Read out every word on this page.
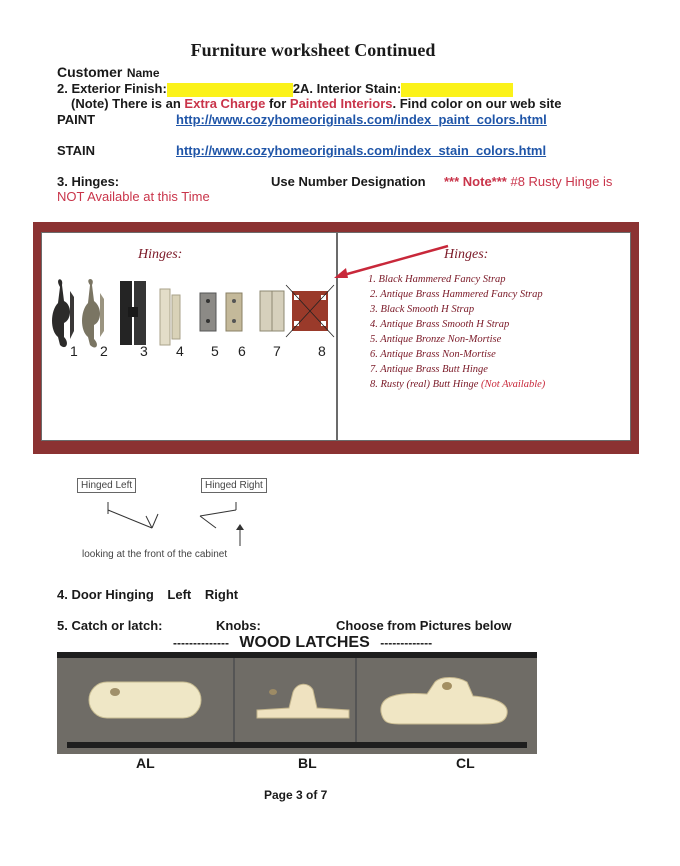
Furniture worksheet Continued
Customer Name
2. Exterior Finish:	2A. Interior Stain:
(Note) There is an Extra Charge for Painted Interiors. Find color on our web site
PAINT	http://www.cozyhomeoriginals.com/index_paint_colors.html
STAIN	http://www.cozyhomeoriginals.com/index_stain_colors.html
3. Hinges:	Use Number Designation *** Note*** #8 Rusty Hinge is
NOT Available at this Time
Hinges:
1 2 3 4 5 6 7	8
Hinges:
1. Black Hammered Fancy Strap
2. Antique Brass Hammered Fancy Strap
3. Black Smooth H Strap
4. Antique Brass Smooth H Strap
5. Antique Bronze Non-Mortise
6. Antique Brass Non-Mortise
7. Antique Brass Butt Hinge
8. Rusty (real) Butt Hinge (Not Available)
Hinged Left	Hinged Right
looking at the front of the cabinet
4. Door Hinging Left Right
5. Catch or latch:	Knobs:	Choose from Pictures below
-------------- WOOD LATCHES -------------
AL	BL	CL
Page 3 of 7
